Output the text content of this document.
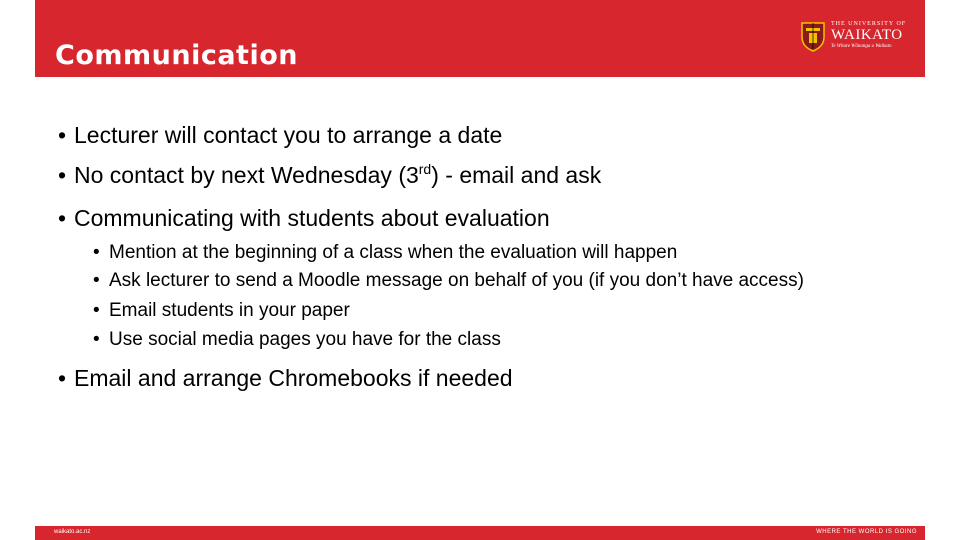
Communication
THE UNIVERSITY OF
WAIKATO
Te Whare Wānanga o Waikato
• Lecturer will contact you to arrange a date
• No contact by next Wednesday (3rd) - email and ask
• Communicating with students about evaluation
• Mention at the beginning of a class when the evaluation will happen
• Ask lecturer to send a Moodle message on behalf of you (if you don’t have access)
• Email students in your paper
• Use social media pages you have for the class
• Email and arrange Chromebooks if needed
waikato.ac.nz	WHERE THE WORLD IS GOING
